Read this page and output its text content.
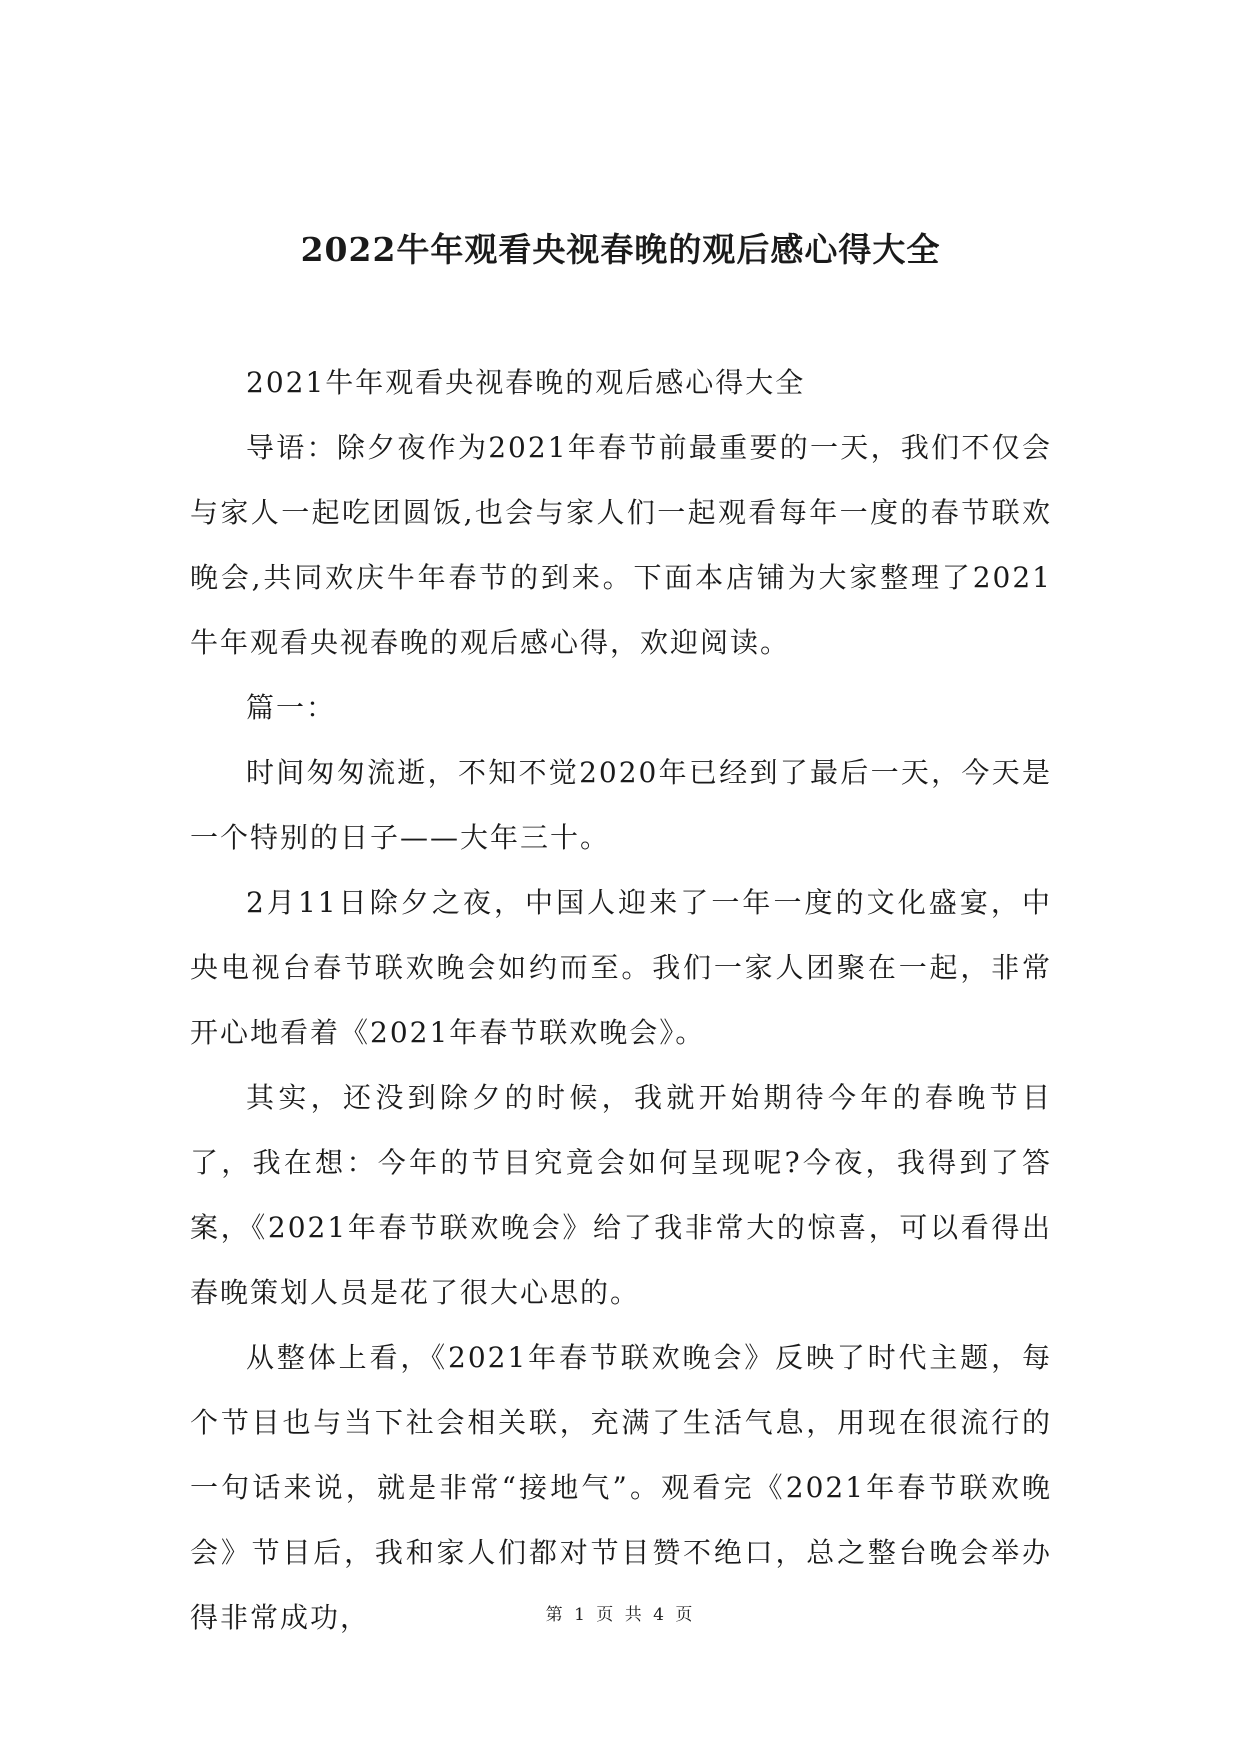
2022牛年观看央视春晚的观后感心得大全

2021牛年观看央视春晚的观后感心得大全

导语：除夕夜作为2021年春节前最重要的一天，我们不仅会与家人一起吃团圆饭,也会与家人们一起观看每年一度的春节联欢晚会,共同欢庆牛年春节的到来。下面本店铺为大家整理了2021牛年观看央视春晚的观后感心得，欢迎阅读。

篇一：

时间匆匆流逝，不知不觉2020年已经到了最后一天，今天是一个特别的日子——大年三十。

2月11日除夕之夜，中国人迎来了一年一度的文化盛宴，中央电视台春节联欢晚会如约而至。我们一家人团聚在一起，非常开心地看着《2021年春节联欢晚会》。

其实，还没到除夕的时候，我就开始期待今年的春晚节目了，我在想：今年的节目究竟会如何呈现呢?今夜，我得到了答案，《2021年春节联欢晚会》给了我非常大的惊喜，可以看得出春晚策划人员是花了很大心思的。

从整体上看，《2021年春节联欢晚会》反映了时代主题，每个节目也与当下社会相关联，充满了生活气息，用现在很流行的一句话来说，就是非常“接地气”。观看完《2021年春节联欢晚会》节目后，我和家人们都对节目赞不绝口，总之整台晚会举办得非常成功，	第 1 页 共 4 页
